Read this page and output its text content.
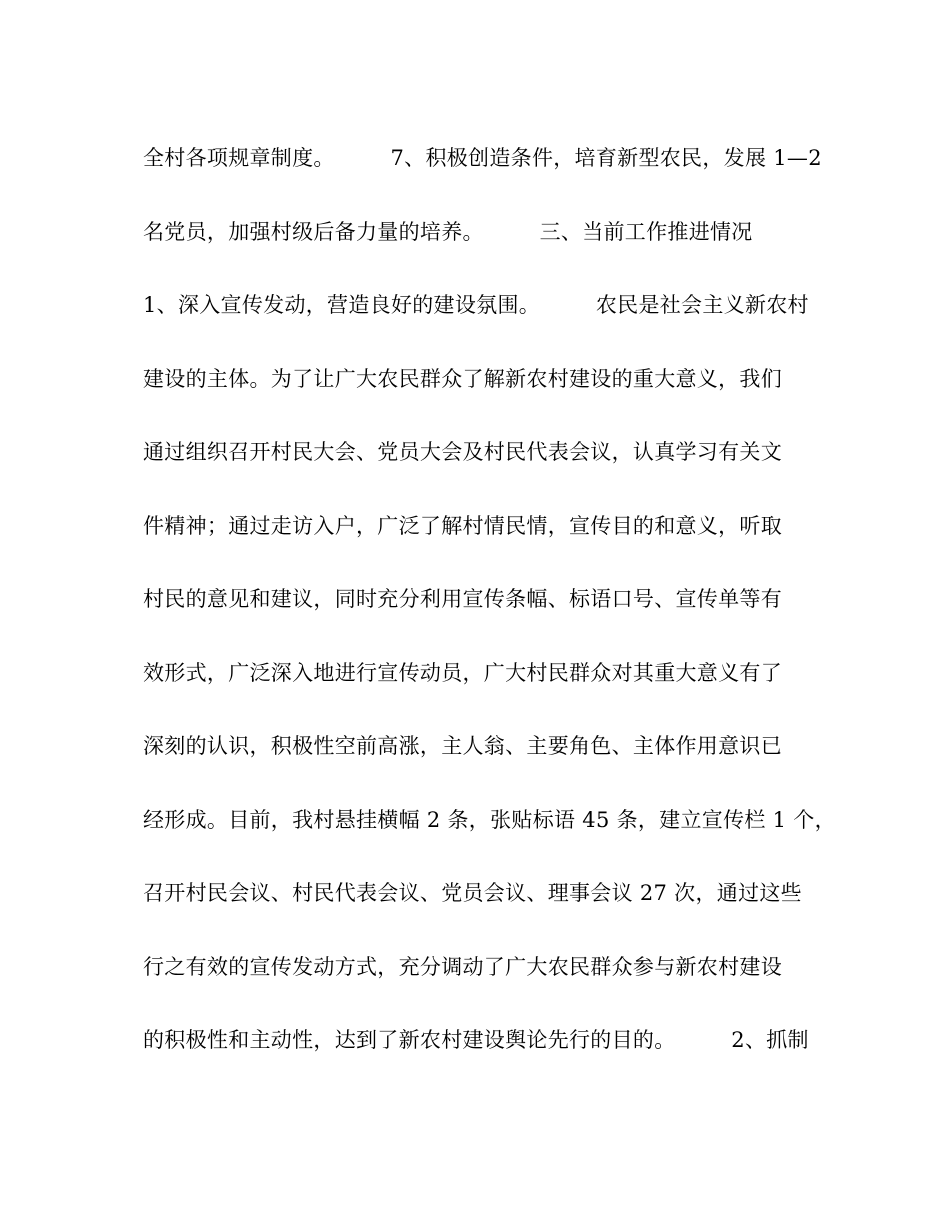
全村各项规章制度。        7、积极创造条件，培育新型农民，发展 1—2
名党员，加强村级后备力量的培养。        三、当前工作推进情况
1、深入宣传发动，营造良好的建设氛围。        农民是社会主义新农村
建设的主体。为了让广大农民群众了解新农村建设的重大意义，我们
通过组织召开村民大会、党员大会及村民代表会议，认真学习有关文
件精神；通过走访入户，广泛了解村情民情，宣传目的和意义，听取
村民的意见和建议，同时充分利用宣传条幅、标语口号、宣传单等有
效形式，广泛深入地进行宣传动员，广大村民群众对其重大意义有了
深刻的认识，积极性空前高涨，主人翁、主要角色、主体作用意识已
经形成。目前，我村悬挂横幅 2 条，张贴标语 45 条，建立宣传栏 1 个，
召开村民会议、村民代表会议、党员会议、理事会议 27 次，通过这些
行之有效的宣传发动方式，充分调动了广大农民群众参与新农村建设
的积极性和主动性，达到了新农村建设舆论先行的目的。        2、抓制
